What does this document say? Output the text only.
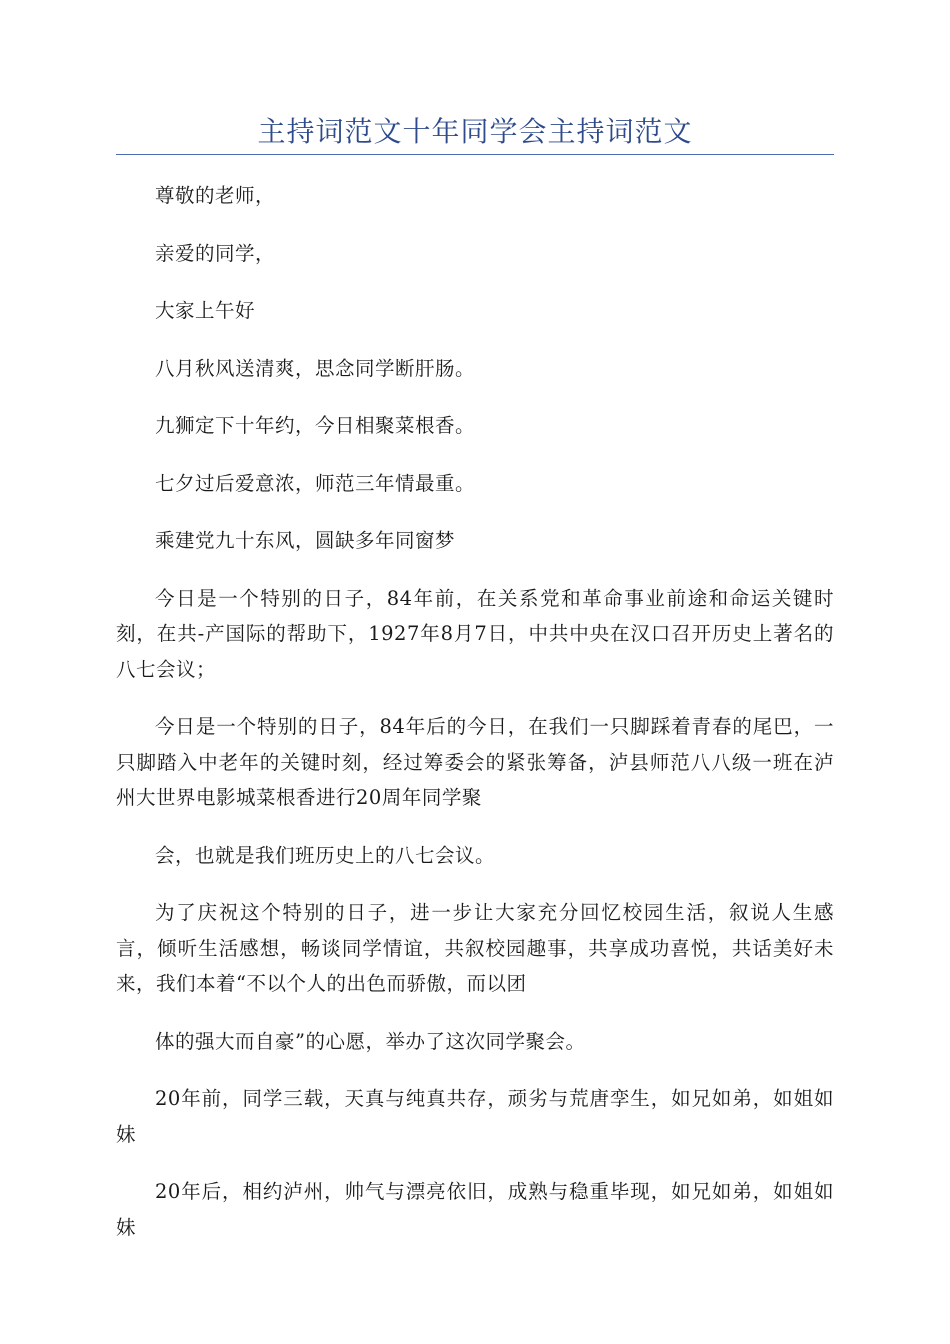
主持词范文十年同学会主持词范文

尊敬的老师，

亲爱的同学，

大家上午好

八月秋风送清爽，思念同学断肝肠。

九狮定下十年约，今日相聚菜根香。

七夕过后爱意浓，师范三年情最重。

乘建党九十东风，圆缺多年同窗梦

今日是一个特别的日子，84年前，在关系党和革命事业前途和命运关键时刻，在共-产国际的帮助下，1927年8月7日，中共中央在汉口召开历史上著名的八七会议；

今日是一个特别的日子，84年后的今日，在我们一只脚踩着青春的尾巴，一只脚踏入中老年的关键时刻，经过筹委会的紧张筹备，泸县师范八八级一班在泸州大世界电影城菜根香进行20周年同学聚

会，也就是我们班历史上的八七会议。

为了庆祝这个特别的日子，进一步让大家充分回忆校园生活，叙说人生感言，倾听生活感想，畅谈同学情谊，共叙校园趣事，共享成功喜悦，共话美好未来，我们本着“不以个人的出色而骄傲，而以团

体的强大而自豪”的心愿，举办了这次同学聚会。

20年前，同学三载，天真与纯真共存，顽劣与荒唐孪生，如兄如弟，如姐如妹

20年后，相约泸州，帅气与漂亮依旧，成熟与稳重毕现，如兄如弟，如姐如妹
